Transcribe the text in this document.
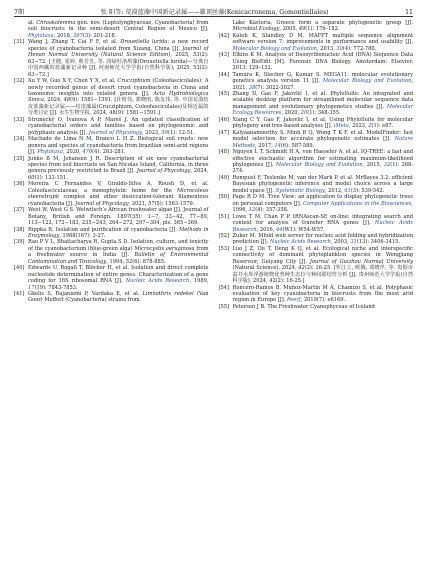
7期	张 阳等: 荒漠蓝藻中国新记录属——雄顶丝藻(Konicacronema, Gomontiellales)	11
al. Chroakolemma gen. nov. (Leptolyngbyaceae, Cyanobacteria) from soil biocrusts in the semi-desert Central Region of Mexico [J]. Phytotaxa, 2018, 367(3): 201-218.
[31] Wang J, Zhang T, Cai F F, et al. Drouetiella lurida: a new record species of cyanobacteria isolated from Xizang, China [J]. Journal of Henan Normal University (Natural Science Edition), 2025, 53(2): 63−72. [王健, 张婷, 蔡芳芳, 等. 淡绿杜洛埃藻(Drouetiella lurida)—分离自中国西藏的蓝藻新记录种 [J]. 河南师范大学学报(自然科学版), 2025, 53(2): 63−72.]
[32] Xu Y W, Guo X Y, Chen Y X, et al. Crucziphium (Coleofasciculales): A newly recorded genus of desert crust cyanobacteria in China and taxonomic insights into related genera [J]. Acta Hydrobiologica Sinica, 2024, 48(9): 1581−1591. [许时伟, 郭晓雨, 陈友伟, 等. 中国荒漠结皮蓝藻新记录属——结皮藻属(Crucziphium, Coleofasciculales)及相近属的分类讨论 [J]. 水生生物学报, 2024, 48(9): 1581−1591.]
[33] Strunecký O, Ivanova A P, Mareš J. An updated classification of cyanobacterial orders and families based on phylogenomic and polyphasic analysis [J]. Journal of Phycology, 2023, 59(1): 12-51.
[34] Machado de Lima N M, Branco L H Z. Biological soil crusts: new genera and species of cyanobacteria from brazilian semi-arid regions [J]. Phytotaxa, 2020, 470(4): 263-281.
[35] Junko B M, Johansen J R. Description of six new cyanobacterial species from soil biocrusts on San Nicolas Island, California, in three genera previously restricted to Brazil [J]. Journal of Phycology, 2024, 60(1): 133-151.
[36] Moreira C Fernandes V, Giraldo-Silva A, Roush D, et al. Coleofasciculaceae, a monophyletic home for the Microcoleus steenstrupii complex and other desiccation-tolerant filamentous cyanobacteria [J]. Journal of Phycology, 2021, 57(5): 1563-1579.
[37] West W, West G S. Welwitsch’s African freshwater algae [J]. Journal of Botany, British and Foreign. 1897(35): 1−7, 33−42, 77−89, 113−122, 172−183, 235−243, 264−272, 297−304, pls. 365−369.
[38] Rippka R. Isolation and purification of cyanobacteria [J]. Methods in Enzymology, 1988(167): 3-27.
[39] Rao P V L, Bhattacharya R, Gupta S D. Isolation, culture, and toxicity of the cyanobacterium (blue-green alga) Microcystis aeruginosa from a freshwater source in India [J]. Bulletin of Environmental Contamination and Toxicology, 1994, 52(6): 878-885.
[40] Edwards U, Rogall T, Blöcker H, et al. Isolation and direct complete nucleotide determination of entire genes. Characterization of a gene coding for 16S ribosomal RNA [J]. Nucleic Acids Research, 1989, 17(19): 7843-7853.
[41] Gkelis S, Rajaniemi P, Vardaka E, et al. Limnothrix redekei (Van Goor) Meffert (Cyanobacteria) strains from
Lake Kastoria, Greece form a separate phylogenetic group [J]. Microbial Ecology, 2005, 49(1): 176–182.
[42] Katoh K, Standley D M. MAFFT multiple sequence alignment software version 7: improvements in performance and usability [J]. Molecular Biology and Evolution, 2013, 30(4): 772-780.
[43] Elkins K M. Analysis of Deoxyribonucleic Acid (DNA) Sequence Data Using BioEdit [M]. Forensic DNA Biology. Amsterdam: Elsevier, 2013: 129–132.
[44] Tamura K, Stecher G, Kumar S. MEGA11: molecular evolutionary genetics analysis version 11 [J]. Molecular Biology and Evolution, 2021, 38(7): 3022-3027.
[45] Zhang D, Gao F, Jakovlić I, et al. PhyloSuite: An integrated and scalable desktop platform for streamlined molecular sequence data management and evolutionary phylogenetics studies [J]. Molecular Ecology Resources, 2020, 20(1): 348-355.
[46] Xiang C Y, Gao F, Jakovlić I, et al. Using PhyloSuite for molecular phylogeny and tree-based analyses [J]. iMeta, 2023, 2(1): e87.
[47] Kalyaanamoorthy S, Minh B Q, Wong T K F, et al. ModelFinder: fast model selection for accurate phylogenetic estimates [J]. Nature Methods, 2017, 14(6): 587-589.
[48] Nguyen L T, Schmidt H A, von Haeseler A, et al. IQ-TREE: a fast and effective stochastic algorithm for estimating maximum-likelihood phylogenies [J]. Molecular Biology and Evolution, 2015, 32(1): 268-274.
[49] Ronquist F, Teslenko M, van der Mark P, et al. MrBayes 3.2: efficient Bayesian phylogenetic inference and model choice across a large model space [J]. Systematic Biology, 2012, 61(3): 539-542.
[50] Page R D M. Tree View: an application to display phylogenetic trees on personal computers [J]. Computer Applications in the Biosciences, 1996, 12(4): 357-358.
[51] Lowe T M, Chan P P. tRNAscan-SE on-line: integrating search and context for analysis of transfer RNA genes [J]. Nucleic Acids Research, 2016, 44(W1): W54-W57.
[52] Zuker M. Mfold web server for nucleic acid folding and hybridization prediction [J]. Nucleic Acids Research, 2003, 31(13): 3406-3415.
[53] Luo J Z, Ou T, Deng K Q, et al. Ecological niche and interspecific connectivity of dominant phytoplankton species in Wengjiang Reservoir, Guiyang City [J]. Journal of Guizhou Normal University (Natural Science), 2024, 42(2): 16-25. [罗江立, 欧腾, 邓晓芹, 等. 贵阳市翁井水库浮游植物优势种生态位与种间联结性分析 [J]. 贵州师范大学学报(自然科学版), 2024, 42(2): 16-25.]
[54] Roncero-Ramos B, Muñoz-Martín M Á, Chamizo S, et al. Polyphasic evaluation of key cyanobacteria in biocrusts from the most arid region in Europe [J]. PeerJ, 2019(7): e6169.
[55] Petersen J B. The Freshwater Cyanophyceae of Iceland
